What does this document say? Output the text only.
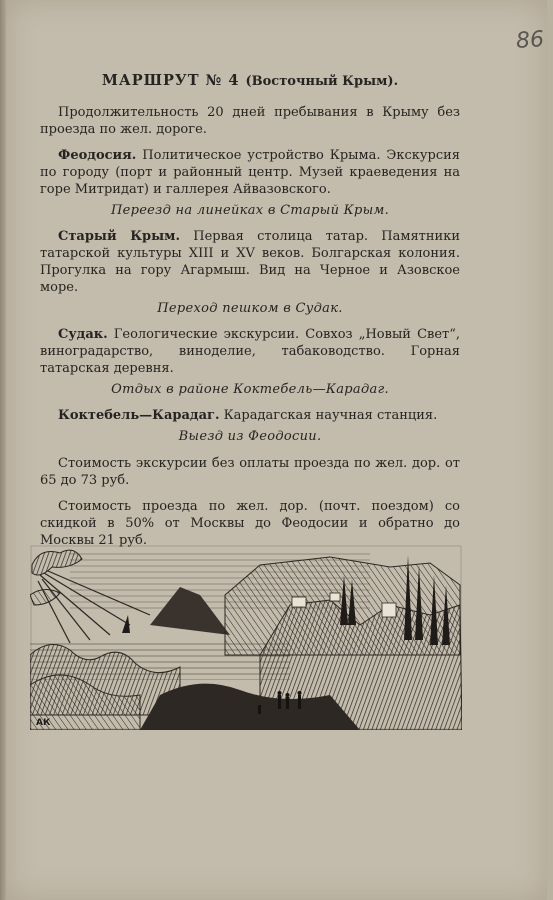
86
МАРШРУТ № 4 (Восточный Крым).

Продолжительность 20 дней пребывания в Крыму без проезда по жел. дороге.

Феодосия. Политическое устройство Крыма. Экскурсия по городу (порт и районный центр. Музей краеведения на горе Митридат) и галлерея Айвазовского.

Переезд на линейках в Старый Крым.

Старый Крым. Первая столица татар. Памятники татарской культуры XIII и XV веков. Болгарская колония. Прогулка на гору Агармыш. Вид на Черное и Азовское море.

Переход пешком в Судак.

Судак. Геологические экскурсии. Совхоз „Новый Свет“, виноградарство, виноделие, табаководство. Горная татарская деревня.

Отдых в районе Коктебель—Карадаг.

Коктебель—Карадаг. Карадагская научная станция.

Выезд из Феодосии.

Стоимость экскурсии без оплаты проезда по жел. дор. от 65 до 73 руб.

Стоимость проезда по жел. дор. (почт. поездом) со скидкой в 50% от Москвы до Феодосии и обратно до Москвы 21 руб.

АК
